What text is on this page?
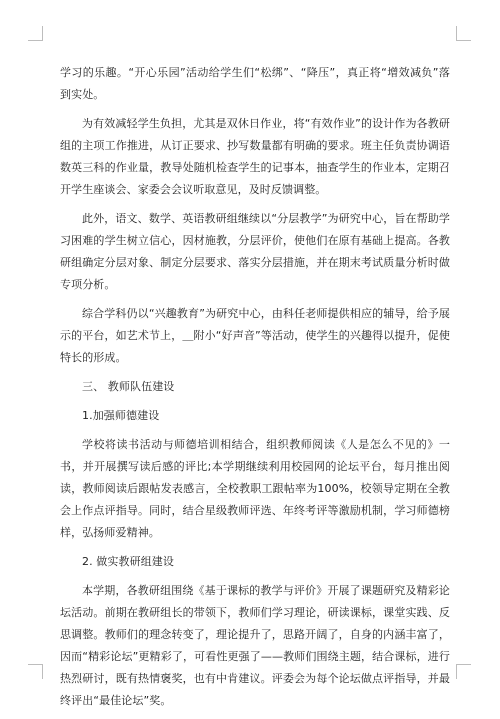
学习的乐趣。“开心乐园”活动给学生们“松绑”、“降压”，真正将“增效减负”落到实处。

为有效减轻学生负担，尤其是双休日作业，将“有效作业”的设计作为各教研组的主项工作推进，从订正要求、抄写数量都有明确的要求。班主任负责协调语数英三科的作业量，教导处随机检查学生的记事本，抽查学生的作业本，定期召开学生座谈会、家委会会议听取意见，及时反馈调整。

此外，语文、数学、英语教研组继续以“分层教学”为研究中心，旨在帮助学习困难的学生树立信心，因材施教，分层评价，使他们在原有基础上提高。各教研组确定分层对象、制定分层要求、落实分层措施，并在期末考试质量分析时做专项分析。

综合学科仍以“兴趣教育”为研究中心，由科任老师提供相应的辅导，给予展示的平台，如艺术节上，＿附小“好声音”等活动，使学生的兴趣得以提升，促使特长的形成。

三、 教师队伍建设

1.加强师德建设

学校将读书活动与师德培训相结合，组织教师阅读《人是怎么不见的》一书，并开展撰写读后感的评比;本学期继续利用校园网的论坛平台，每月推出阅读，教师阅读后跟帖发表感言，全校教职工跟帖率为100%，校领导定期在全教会上作点评指导。同时，结合星级教师评选、年终考评等激励机制，学习师德榜样，弘扬师爱精神。

2. 做实教研组建设

本学期，各教研组围绕《基于课标的教学与评价》开展了课题研究及精彩论坛活动。前期在教研组长的带领下，教师们学习理论，研读课标，课堂实践、反思调整。教师们的理念转变了，理论提升了，思路开阔了，自身的内涵丰富了，因而“精彩论坛”更精彩了，可看性更强了——教师们围绕主题，结合课标，进行热烈研讨，既有热情褒奖，也有中肯建议。评委会为每个论坛做点评指导，并最终评出“最佳论坛”奖。
